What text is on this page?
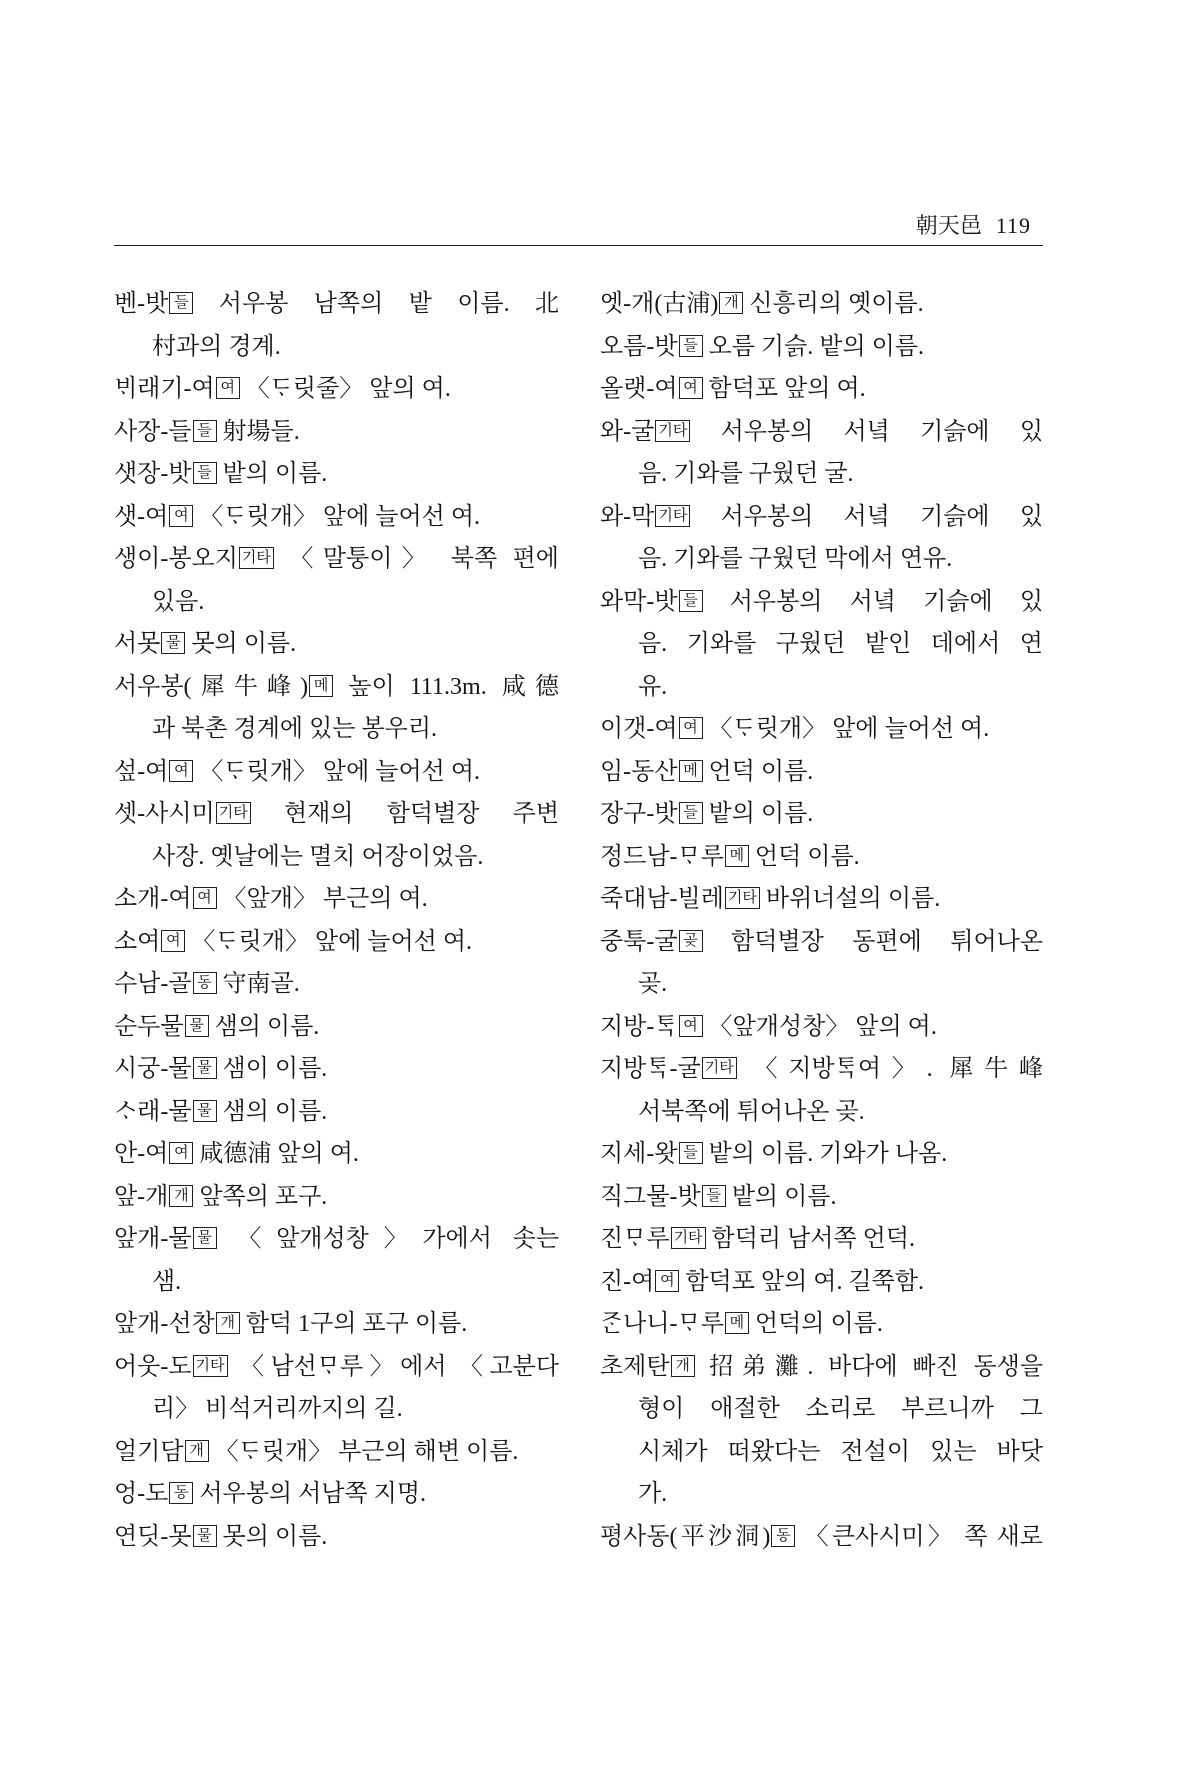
朝天邑 119
벤-밧 들 서우봉 남쪽의 밭 이름. 北
村과의 경계.
ᄇᆡ래기-여 여 〈ᄃᆞ릿줄〉 앞의 여.
사장-들 들 射場들.
샛장-밧 들 밭의 이름.
샛-여 여 〈ᄃᆞ릿개〉 앞에 늘어선 여.
생이-봉오지 기타 〈말퉁이〉 북쪽 편에
있음.
서못 물 못의 이름.
서우봉(犀牛峰) 메 높이 111.3m. 咸德
과 북촌 경계에 있는 봉우리.
섶-여 여 〈ᄃᆞ릿개〉 앞에 늘어선 여.
셋-사시미 기타 현재의 함덕별장 주변
사장. 옛날에는 멸치 어장이었음.
소개-여 여 〈앞개〉 부근의 여.
소여 여 〈ᄃᆞ릿개〉 앞에 늘어선 여.
수남-골 동 守南골.
순두물 물 샘의 이름.
시궁-물 물 샘이 이름.
ᄉᆞ래-물 물 샘의 이름.
안-여 여 咸德浦 앞의 여.
앞-개 개 앞쪽의 포구.
앞개-물 물 〈앞개성창〉가에서 솟는
샘.
앞개-선창 개 함덕 1구의 포구 이름.
어웃-도 기타 〈남선ᄆᆞ루〉에서 〈고분다
리〉 비석거리까지의 길.
얼기담 개 〈ᄃᆞ릿개〉 부근의 해변 이름.
엉-도 동 서우봉의 서남쪽 지명.
연딧-못 물 못의 이름.
엣-개(古浦) 개 신흥리의 옛이름.
오름-밧 들 오름 기슭. 밭의 이름.
올랫-여 여 함덕포 앞의 여.
와-굴 기타 서우봉의 서녘 기슭에 있
음. 기와를 구웠던 굴.
와-막 기타 서우봉의 서녘 기슭에 있
음. 기와를 구웠던 막에서 연유.
와막-밧 들 서우봉의 서녘 기슭에 있
음. 기와를 구웠던 밭인 데에서 연
유.
이갯-여 여 〈ᄃᆞ릿개〉 앞에 늘어선 여.
임-동산 메 언덕 이름.
장구-밧 들 밭의 이름.
정드남-ᄆᆞ루 메 언덕 이름.
죽대남-빌레 기타 바위너설의 이름.
중툭-굴 곶 함덕별장 동편에 튀어나온
곶.
지방-ᄐᆞᆨ 여 〈앞개성창〉 앞의 여.
지방ᄐᆞᆨ-굴 기타 〈지방ᄐᆞᆨ여〉. 犀牛峰
서북쪽에 튀어나온 곶.
지세-왓 들 밭의 이름. 기와가 나옴.
직그물-밧 들 밭의 이름.
진ᄆᆞ루 기타 함덕리 남서쪽 언덕.
진-여 여 함덕포 앞의 여. 길쭉함.
ᄌᆞᆫ나니-ᄆᆞ루 메 언덕의 이름.
초제탄 개 招弟灘. 바다에 빠진 동생을
형이 애절한 소리로 부르니까 그
시체가 떠왔다는 전설이 있는 바닷
가.
평사동(平沙洞) 동 〈큰사시미〉 쪽 새로
